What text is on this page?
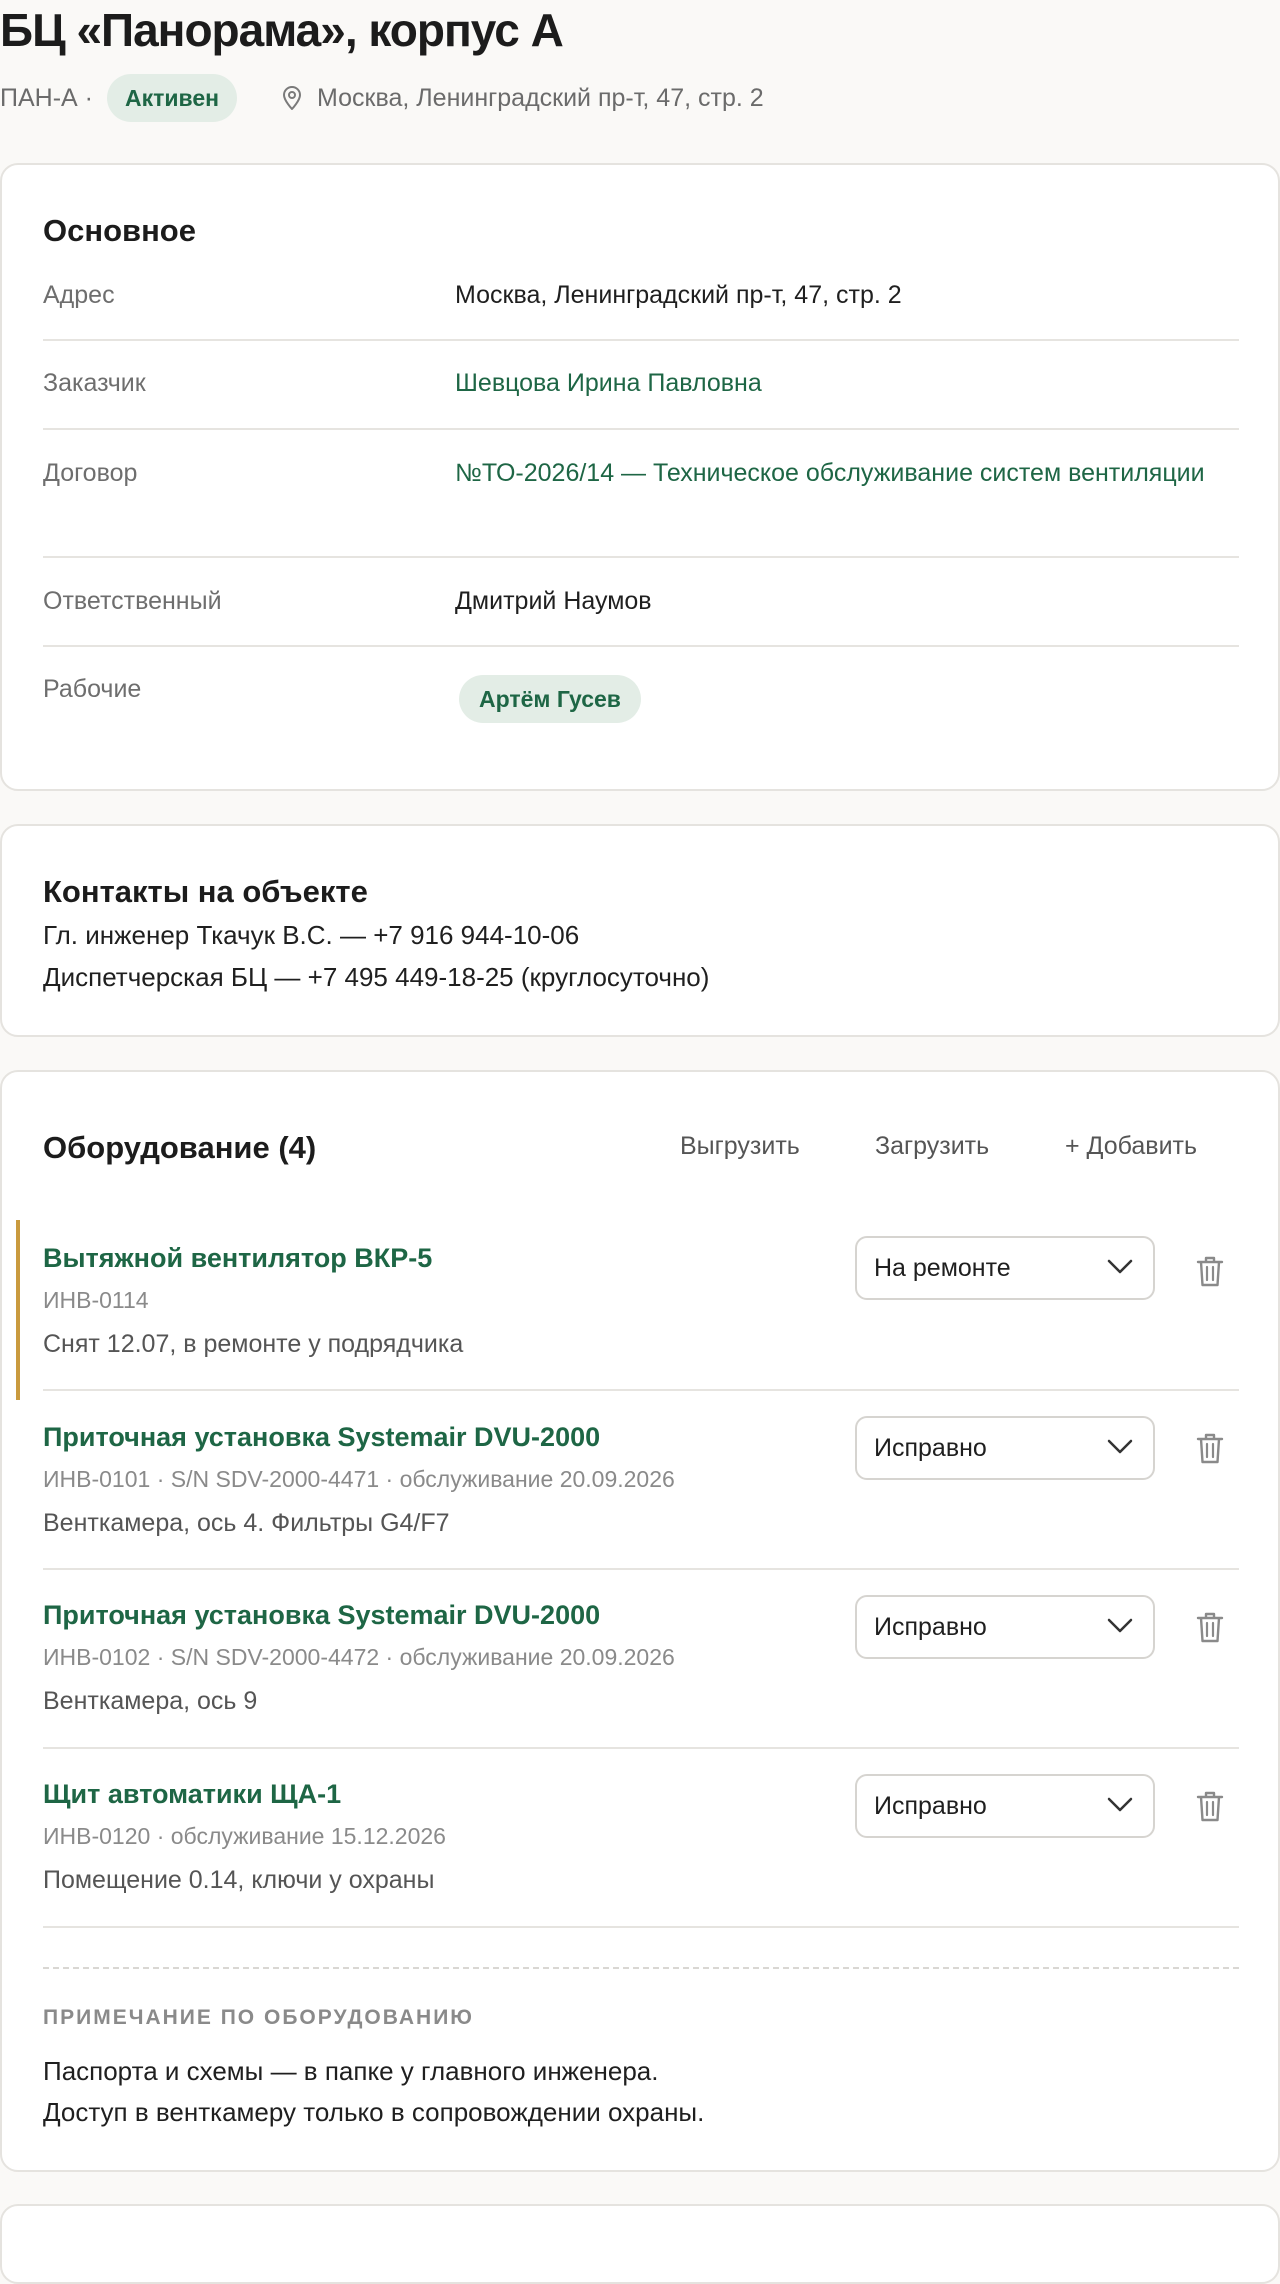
БЦ «Панорама», корпус А
ПАН-А ·	Активен	Москва, Ленинградский пр-т, 47, стр. 2
Основное
Адрес	Москва, Ленинградский пр-т, 47, стр. 2
Заказчик	Шевцова Ирина Павловна
Договор	№ТО-2026/14 — Техническое обслуживание систем вентиляции
Ответственный	Дмитрий Наумов
Рабочие	Артём Гусев
Контакты на объекте
Гл. инженер Ткачук В.С. — +7 916 944-10-06
Диспетчерская БЦ — +7 495 449-18-25 (круглосуточно)
Оборудование (4)	Выгрузить	Загрузить	+ Добавить
Вытяжной вентилятор ВКР-5
ИНВ-0114
Снят 12.07, в ремонте у подрядчика
На ремонте
Приточная установка Systemair DVU-2000
ИНВ-0101 · S/N SDV-2000-4471 · обслуживание 20.09.2026
Венткамера, ось 4. Фильтры G4/F7
Исправно
Приточная установка Systemair DVU-2000
ИНВ-0102 · S/N SDV-2000-4472 · обслуживание 20.09.2026
Венткамера, ось 9
Исправно
Щит автоматики ЩА-1
ИНВ-0120 · обслуживание 15.12.2026
Помещение 0.14, ключи у охраны
Исправно
ПРИМЕЧАНИЕ ПО ОБОРУДОВАНИЮ
Паспорта и схемы — в папке у главного инженера.
Доступ в венткамеру только в сопровождении охраны.
